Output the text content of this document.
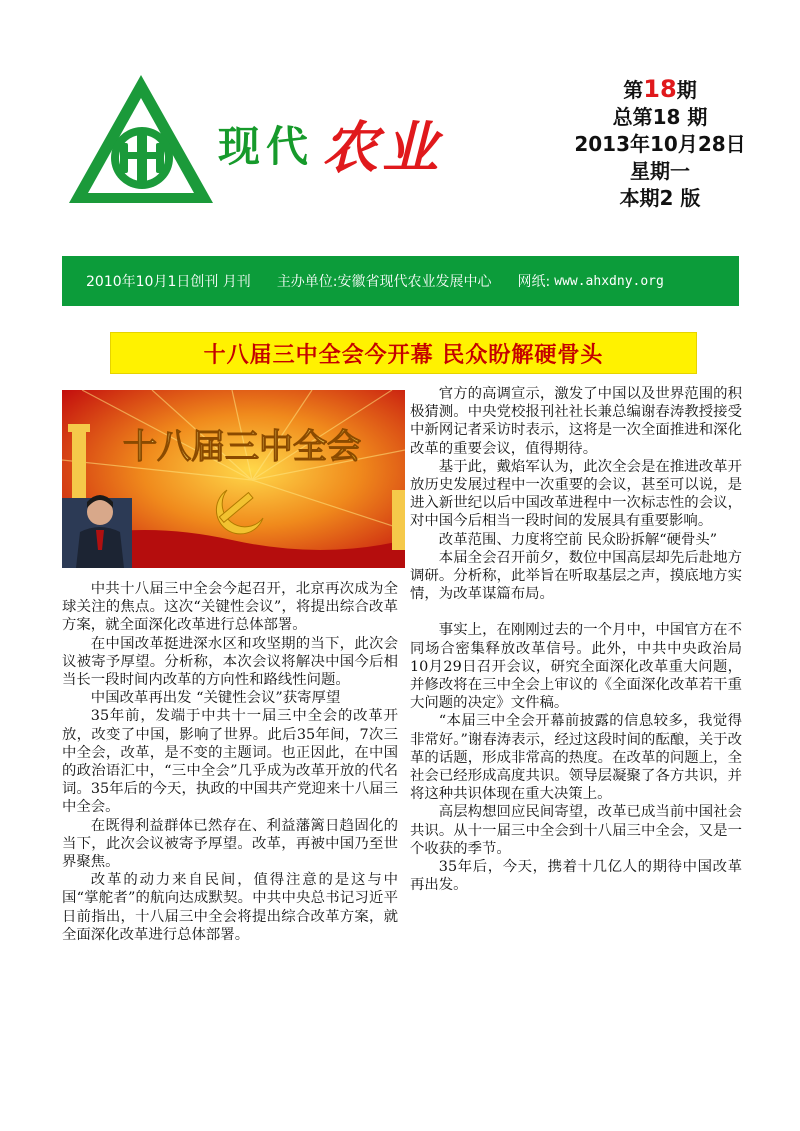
现代 农业
第18期
总第18 期
2013年10月28日
星期一
本期2 版
2010年10月1日创刊 月刊 主办单位:安徽省现代农业发展中心 网纸: www.ahxdny.org
十八届三中全会今开幕 民众盼解硬骨头
十八届三中全会

中共十八届三中全会今起召开，北京再次成为全球关注的焦点。这次“关键性会议”，将提出综合改革方案，就全面深化改革进行总体部署。

在中国改革挺进深水区和攻坚期的当下，此次会议被寄予厚望。分析称，本次会议将解决中国今后相当长一段时间内改革的方向性和路线性问题。

中国改革再出发 “关键性会议”获寄厚望

35年前，发端于中共十一届三中全会的改革开放，改变了中国，影响了世界。此后35年间，7次三中全会，改革，是不变的主题词。也正因此，在中国的政治语汇中，“三中全会”几乎成为改革开放的代名词。35年后的今天，执政的中国共产党迎来十八届三中全会。

在既得利益群体已然存在、利益藩篱日趋固化的当下，此次会议被寄予厚望。改革，再被中国乃至世界聚焦。

改革的动力来自民间，值得注意的是这与中国“掌舵者”的航向达成默契。中共中央总书记习近平日前指出，十八届三中全会将提出综合改革方案，就全面深化改革进行总体部署。

官方的高调宣示，激发了中国以及世界范围的积极猜测。中央党校报刊社社长兼总编谢春涛教授接受中新网记者采访时表示，这将是一次全面推进和深化改革的重要会议，值得期待。

基于此，戴焰军认为，此次全会是在推进改革开放历史发展过程中一次重要的会议，甚至可以说，是进入新世纪以后中国改革进程中一次标志性的会议，对中国今后相当一段时间的发展具有重要影响。

改革范围、力度将空前 民众盼拆解“硬骨头”

本届全会召开前夕，数位中国高层却先后赴地方调研。分析称，此举旨在听取基层之声，摸底地方实情，为改革谋篇布局。

事实上，在刚刚过去的一个月中，中国官方在不同场合密集释放改革信号。此外，中共中央政治局10月29日召开会议，研究全面深化改革重大问题，并修改将在三中全会上审议的《全面深化改革若干重大问题的决定》文件稿。

“本届三中全会开幕前披露的信息较多，我觉得非常好。”谢春涛表示，经过这段时间的酝酿，关于改革的话题，形成非常高的热度。在改革的问题上，全社会已经形成高度共识。领导层凝聚了各方共识，并将这种共识体现在重大决策上。

高层构想回应民间寄望，改革已成当前中国社会共识。从十一届三中全会到十八届三中全会，又是一个收获的季节。

35年后，今天，携着十几亿人的期待中国改革再出发。
